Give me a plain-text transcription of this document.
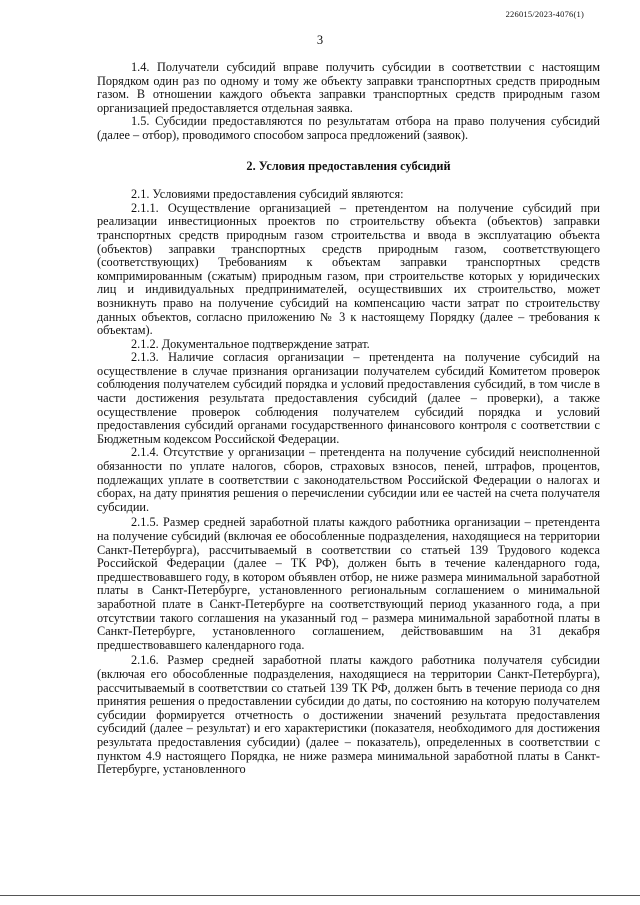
226015/2023-4076(1)
3

1.4. Получатели субсидий вправе получить субсидии в соответствии с настоящим Порядком один раз по одному и тому же объекту заправки транспортных средств природным газом. В отношении каждого объекта заправки транспортных средств природным газом организацией предоставляется отдельная заявка.

1.5. Субсидии предоставляются по результатам отбора на право получения субсидий (далее – отбор), проводимого способом запроса предложений (заявок).

2. Условия предоставления субсидий

2.1. Условиями предоставления субсидий являются:

2.1.1. Осуществление организацией – претендентом на получение субсидий при реализации инвестиционных проектов по строительству объекта (объектов) заправки транспортных средств природным газом строительства и ввода в эксплуатацию объекта (объектов) заправки транспортных средств природным газом, соответствующего (соответствующих) Требованиям к объектам заправки транспортных средств компримированным (сжатым) природным газом, при строительстве которых у юридических лиц и индивидуальных предпринимателей, осуществивших их строительство, может возникнуть право на получение субсидий на компенсацию части затрат по строительству данных объектов, согласно приложению № 3 к настоящему Порядку (далее – требования к объектам).

2.1.2. Документальное подтверждение затрат.

2.1.3. Наличие согласия организации – претендента на получение субсидий на осуществление в случае признания организации получателем субсидий Комитетом проверок соблюдения получателем субсидий порядка и условий предоставления субсидий, в том числе в части достижения результата предоставления субсидий (далее – проверки), а также осуществление проверок соблюдения получателем субсидий порядка и условий предоставления субсидий органами государственного финансового контроля с соответствии с Бюджетным кодексом Российской Федерации.

2.1.4. Отсутствие у организации – претендента на получение субсидий неисполненной обязанности по уплате налогов, сборов, страховых взносов, пеней, штрафов, процентов, подлежащих уплате в соответствии с законодательством Российской Федерации о налогах и сборах, на дату принятия решения о перечислении субсидии или ее частей на счета получателя субсидии.

2.1.5. Размер средней заработной платы каждого работника организации – претендента на получение субсидий (включая ее обособленные подразделения, находящиеся на территории Санкт-Петербурга), рассчитываемый в соответствии со статьей 139 Трудового кодекса Российской Федерации (далее – ТК РФ), должен быть в течение календарного года, предшествовавшего году, в котором объявлен отбор, не ниже размера минимальной заработной платы в Санкт-Петербурге, установленного региональным соглашением о минимальной заработной плате в Санкт-Петербурге на соответствующий период указанного года, а при отсутствии такого соглашения на указанный год – размера минимальной заработной платы в Санкт-Петербурге, установленного соглашением, действовавшим на 31 декабря предшествовавшего календарного года.

2.1.6. Размер средней заработной платы каждого работника получателя субсидии (включая его обособленные подразделения, находящиеся на территории Санкт-Петербурга), рассчитываемый в соответствии со статьей 139 ТК РФ, должен быть в течение периода со дня принятия решения о предоставлении субсидии до даты, по состоянию на которую получателем субсидии формируется отчетность о достижении значений результата предоставления субсидий (далее – результат) и его характеристики (показателя, необходимого для достижения результата предоставления субсидии) (далее – показатель), определенных в соответствии с пунктом 4.9 настоящего Порядка, не ниже размера минимальной заработной платы в Санкт-Петербурге, установленного
